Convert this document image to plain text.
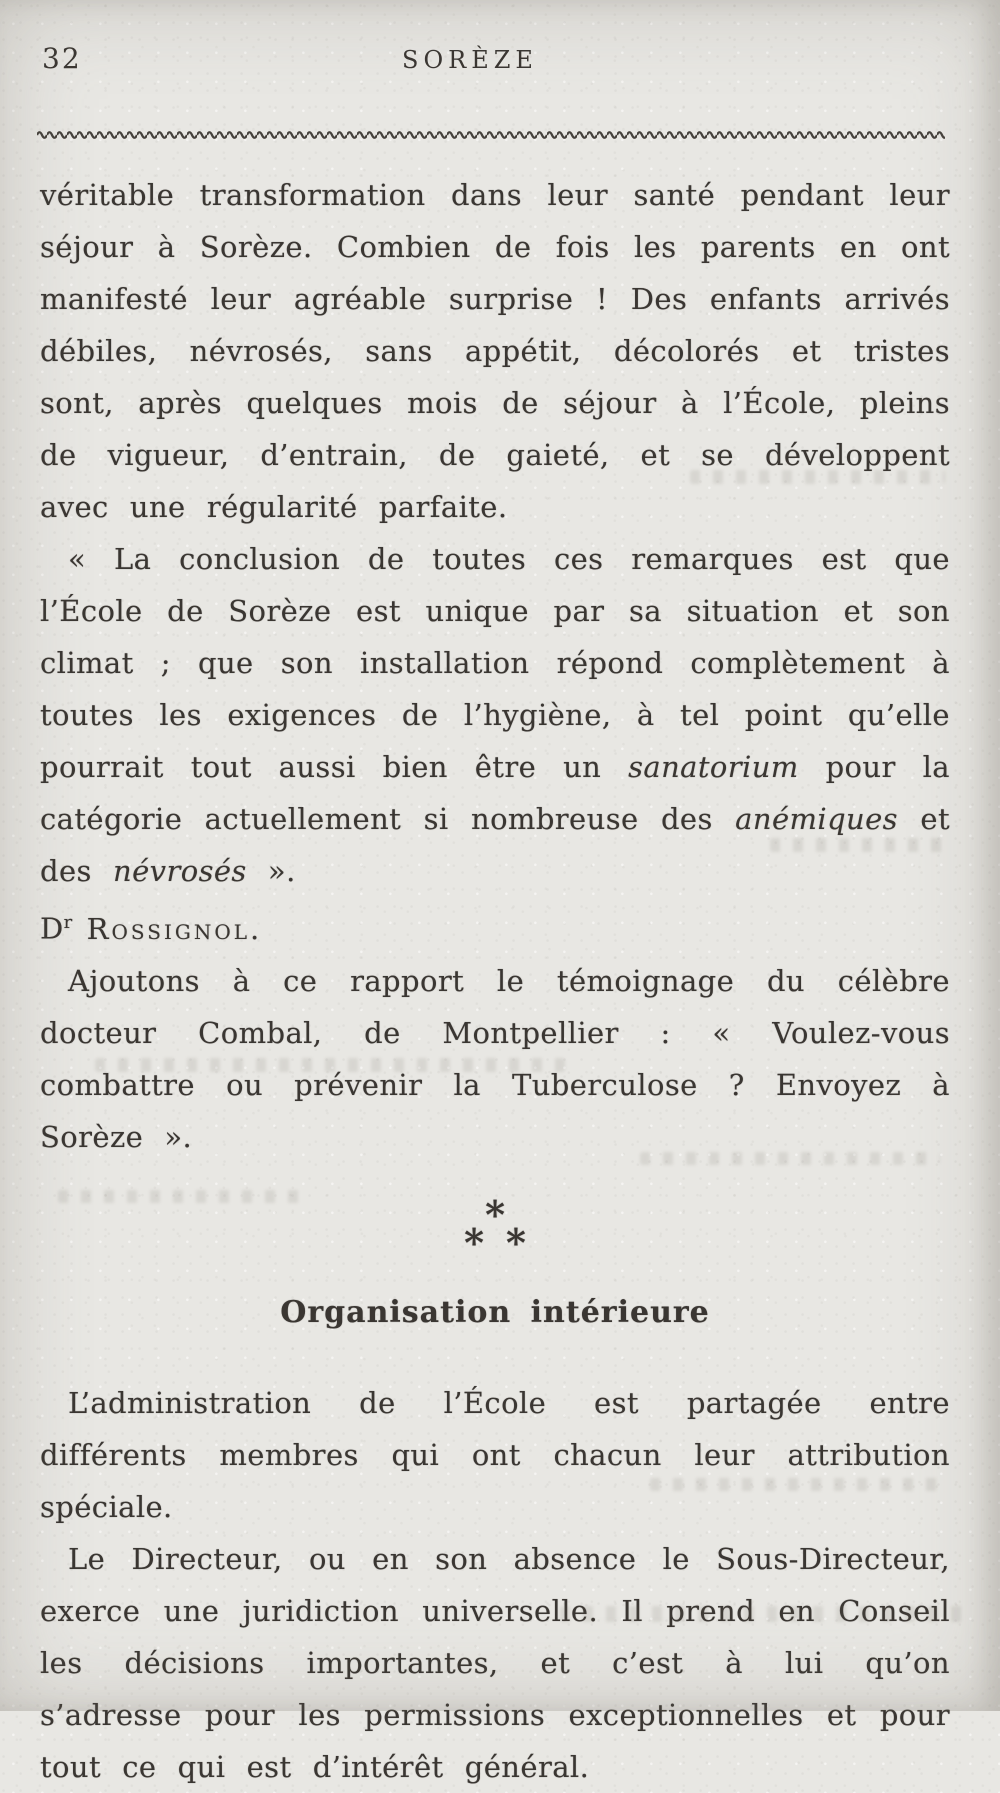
32	SORÈZE

véritable transformation dans leur santé pendant leur séjour à Sorèze. Combien de fois les parents en ont manifesté leur agréable surprise ! Des enfants arrivés débiles, névrosés, sans appétit, décolorés et tristes sont, après quelques mois de séjour à l’École, pleins de vigueur, d’entrain, de gaieté, et se développent avec une régularité parfaite.

« La conclusion de toutes ces remarques est que l’École de Sorèze est unique par sa situation et son climat ; que son installation répond complètement à toutes les exigences de l’hygiène, à tel point qu’elle pourrait tout aussi bien être un sanatorium pour la catégorie actuellement si nombreuse des anémiques et des névrosés ».

$D^r$ Rossignol.

Ajoutons à ce rapport le témoignage du célèbre docteur Combal, de Montpellier : « Voulez-vous combattre ou prévenir la Tuberculose ? Envoyez à Sorèze ».

*
* *
Organisation intérieure

L’administration de l’École est partagée entre différents membres qui ont chacun leur attribution spéciale.

Le Directeur, ou en son absence le Sous-Directeur, exerce une juridiction universelle. Il prend en Conseil les décisions importantes, et c’est à lui qu’on s’adresse pour les permissions exceptionnelles et pour tout ce qui est d’intérêt général.
